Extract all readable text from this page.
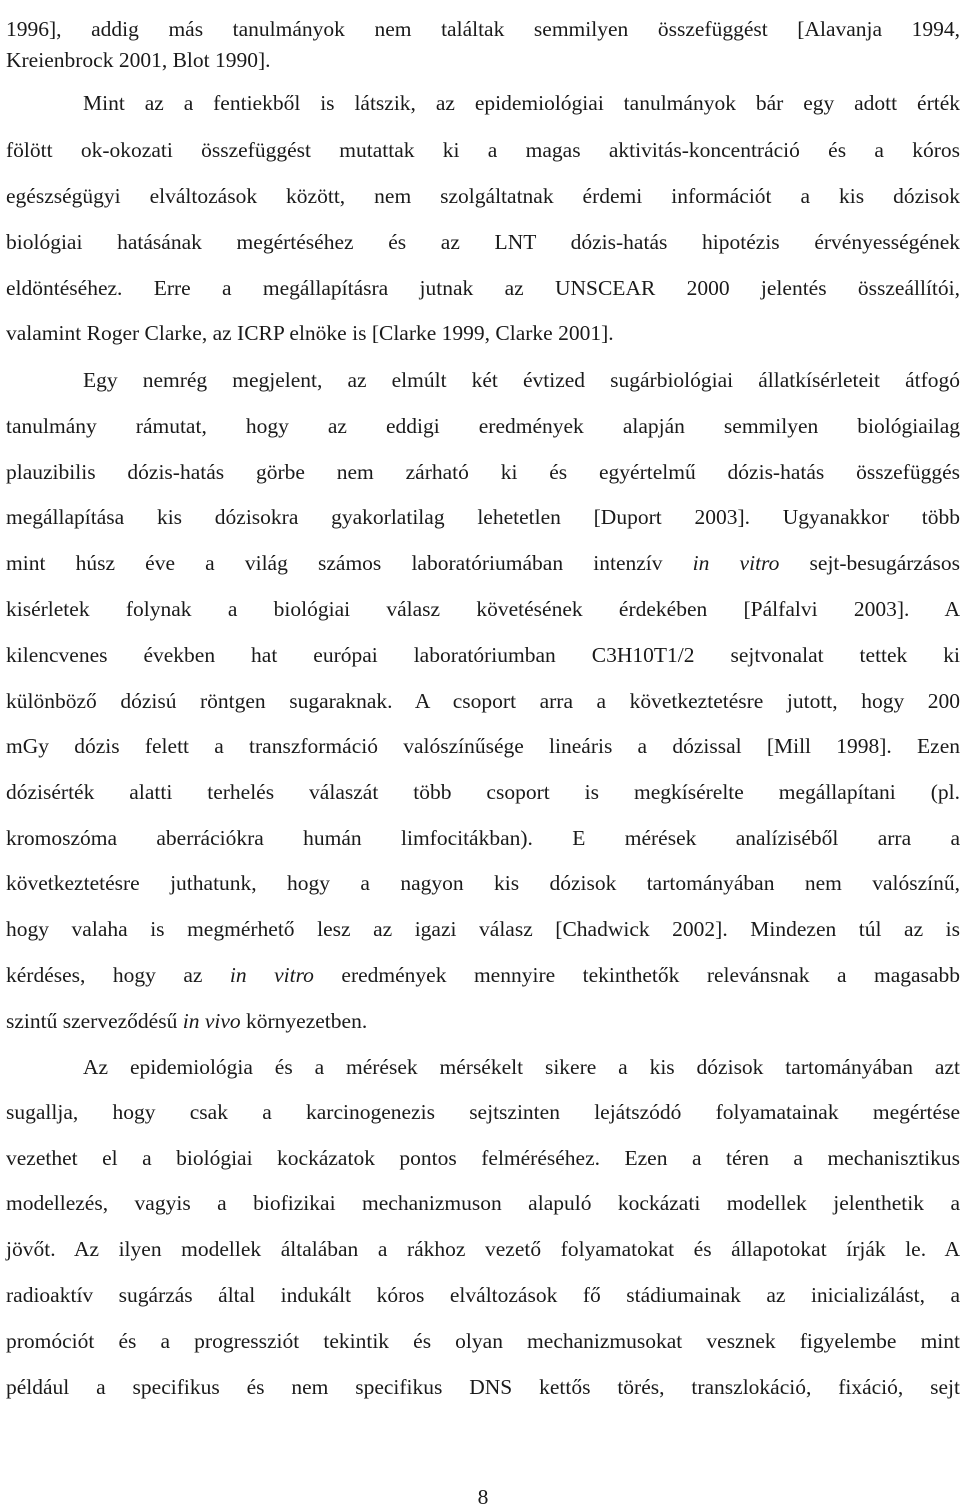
1996], addig más tanulmányok nem találtak semmilyen összefüggést [Alavanja 1994,
Kreienbrock 2001, Blot 1990].
Mint az a fentiekből is látszik, az epidemiológiai tanulmányok bár egy adott érték
fölött ok-okozati összefüggést mutattak ki a magas aktivitás-koncentráció és a kóros
egészségügyi elváltozások között, nem szolgáltatnak érdemi információt a kis dózisok
biológiai hatásának megértéséhez és az LNT dózis-hatás hipotézis érvényességének
eldöntéséhez. Erre a megállapításra jutnak az UNSCEAR 2000 jelentés összeállítói,
valamint Roger Clarke, az ICRP elnöke is [Clarke 1999, Clarke 2001].
Egy nemrég megjelent, az elmúlt két évtized sugárbiológiai állatkísérleteit átfogó
tanulmány rámutat, hogy az eddigi eredmények alapján semmilyen biológiailag
plauzibilis dózis-hatás görbe nem zárható ki és egyértelmű dózis-hatás összefüggés
megállapítása kis dózisokra gyakorlatilag lehetetlen [Duport 2003]. Ugyanakkor több
mint húsz éve a világ számos laboratóriumában intenzív in vitro sejt-besugárzásos
kisérletek folynak a biológiai válasz követésének érdekében [Pálfalvi 2003]. A
kilencvenes években hat európai laboratóriumban C3H10T1/2 sejtvonalat tettek ki
különböző dózisú röntgen sugaraknak. A csoport arra a következtetésre jutott, hogy 200
mGy dózis felett a transzformáció valószínűsége lineáris a dózissal [Mill 1998]. Ezen
dózisérték alatti terhelés válaszát több csoport is megkísérelte megállapítani (pl.
kromoszóma aberrációkra humán limfocitákban). E mérések analíziséből arra a
következtetésre juthatunk, hogy a nagyon kis dózisok tartományában nem valószínű,
hogy valaha is megmérhető lesz az igazi válasz [Chadwick 2002]. Mindezen túl az is
kérdéses, hogy az in vitro eredmények mennyire tekinthetők relevánsnak a magasabb
szintű szerveződésű in vivo környezetben.
Az epidemiológia és a mérések mérsékelt sikere a kis dózisok tartományában azt
sugallja, hogy csak a karcinogenezis sejtszinten lejátszódó folyamatainak megértése
vezethet el a biológiai kockázatok pontos felméréséhez. Ezen a téren a mechanisztikus
modellezés, vagyis a biofizikai mechanizmuson alapuló kockázati modellek jelenthetik a
jövőt. Az ilyen modellek általában a rákhoz vezető folyamatokat és állapotokat írják le. A
radioaktív sugárzás által indukált kóros elváltozások fő stádiumainak az inicializálást, a
promóciót és a progressziót tekintik és olyan mechanizmusokat vesznek figyelembe mint
például a specifikus és nem specifikus DNS kettős törés, transzlokáció, fixáció, sejt
8
